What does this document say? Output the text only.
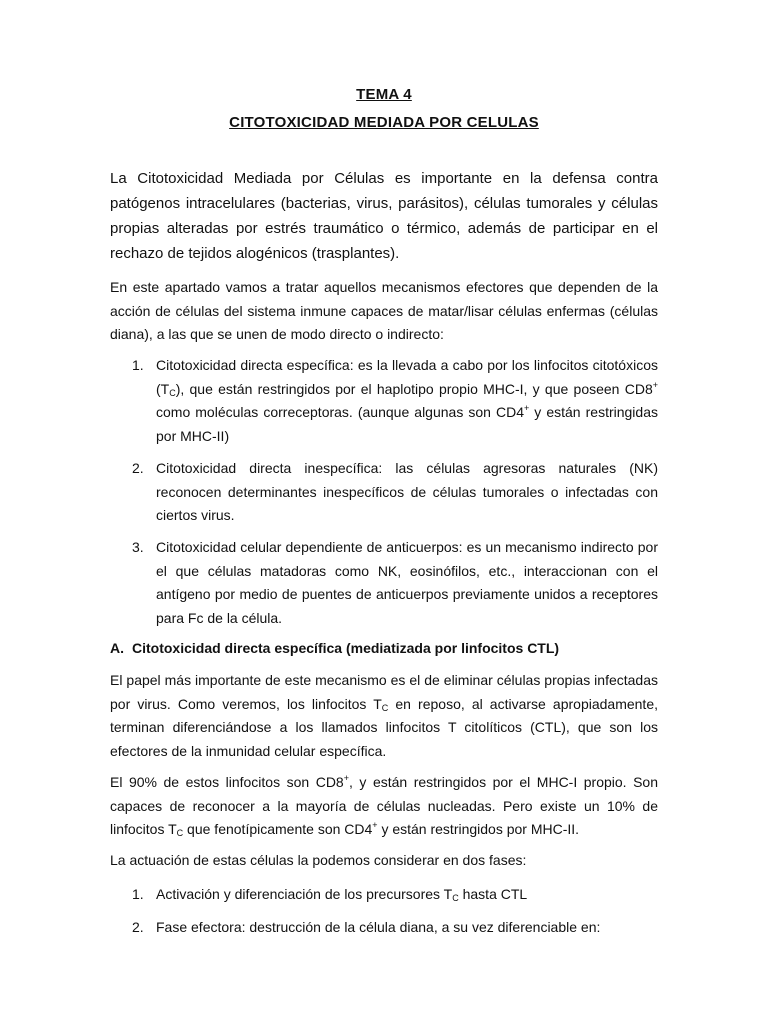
TEMA 4
CITOTOXICIDAD MEDIADA POR CELULAS
La Citotoxicidad Mediada por Células es importante en la defensa contra patógenos intracelulares (bacterias, virus, parásitos), células tumorales y células propias alteradas por estrés traumático o térmico, además de participar en el rechazo de tejidos alogénicos (trasplantes).
En este apartado vamos a tratar aquellos mecanismos efectores que dependen de la acción de células del sistema inmune capaces de matar/lisar células enfermas (células diana), a las que se unen de modo directo o indirecto:
1. Citotoxicidad directa específica: es la llevada a cabo por los linfocitos citotóxicos $(T_C)$, que están restringidos por el haplotipo propio MHC-I, y que poseen CD8+ como moléculas correceptoras. (aunque algunas son CD4+ y están restringidas por MHC-II)
2. Citotoxicidad directa inespecífica: las células agresoras naturales (NK) reconocen determinantes inespecíficos de células tumorales o infectadas con ciertos virus.
3. Citotoxicidad celular dependiente de anticuerpos: es un mecanismo indirecto por el que células matadoras como NK, eosinófilos, etc., interaccionan con el antígeno por medio de puentes de anticuerpos previamente unidos a receptores para Fc de la célula.
A. Citotoxicidad directa específica (mediatizada por linfocitos CTL)
El papel más importante de este mecanismo es el de eliminar células propias infectadas por virus. Como veremos, los linfocitos $T_C$ en reposo, al activarse apropiadamente, terminan diferenciándose a los llamados linfocitos T citolíticos (CTL), que son los efectores de la inmunidad celular específica.
El 90% de estos linfocitos son CD8+, y están restringidos por el MHC-I propio. Son capaces de reconocer a la mayoría de células nucleadas. Pero existe un 10% de linfocitos $T_C$ que fenotípicamente son CD4+ y están restringidos por MHC-II.
La actuación de estas células la podemos considerar en dos fases:
1. Activación y diferenciación de los precursores $T_C$ hasta CTL
2. Fase efectora: destrucción de la célula diana, a su vez diferenciable en:
